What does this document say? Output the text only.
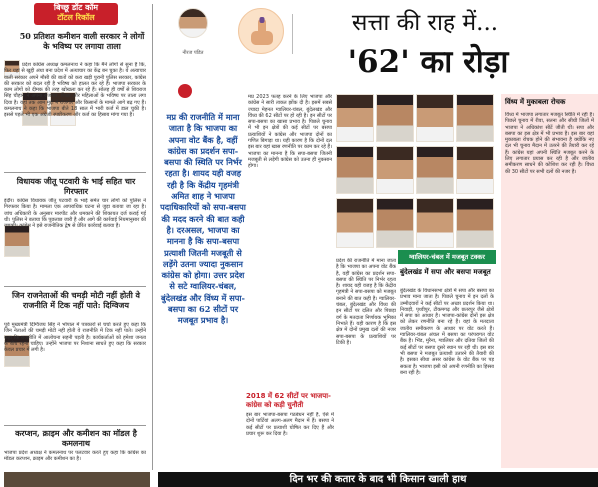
बिच्छू डॉट कॉम
टॉटल रिकॉल
50 प्रतिशत कमीशन वाली सरकार ने लोगों के भविष्य पर लगाया ताला
प्रदेश कांग्रेस अध्यक्ष कमलनाथ ने कहा कि मैंने लोगों से सुना है कि, फिर यहां से खुद्दी अंधा बना प्रदेश में अत्याचार का केंद्र बन चुका है। ये अत्याचार वाली सरकार अपने मौसी की बातों को करा खड़ी पुरानी पुलिस सरकार, कांग्रेस की सरकार को बदल रही है भविष्य को हालत कर रहे हैं। भाजपा सरकार के काम लोगों को दीमक की तरह खोखला कर रहे हैं। सोलह ही वर्षों से शिवराज सिंह चौहान ने अपना रोजगार, शिक्षा और महिलाओं के भविष्य पर ताला लगा दिया है। यहां तक आम मुद्दों में रोजगार और किसानों के मामले आगे बढ़ गए हैं। कमलनाथ ने कहा कि भाजपा बीते 18 साल में भारी कर्ज में डाल चुकी है। इससे पहले भी एक अंग्रेजी स्पष्टीकरण और कर्ज का हिसाब मांगा गया है।
विधायक जीतू पटवारी के भाई सहित चार गिरफ्तार
इंदौर। कांग्रेस विधायक जीतू पटवारी के भाई समेत चार लोगों को पुलिस ने गिरफ्तार किया है। मामला एक आपराधिक घटना से जुड़ा बताया जा रहा है। जांच अधिकारी के अनुसार मारपीट और धमकाने की शिकायत दर्ज कराई गई थी। पुलिस ने बताया कि पूछताछ जारी है और आगे की कार्रवाई नियमानुसार की जाएगी। कांग्रेस ने इसे राजनीतिक द्वेष से प्रेरित कार्रवाई बताया है।
जिन राजनेताओं की चमड़ी मोटी नहीं होती वे राजनीति में टिक नहीं पाते: दिग्विजय
पूर्व मुख्यमंत्री दिग्विजय सिंह ने भोपाल में पत्रकारों से चर्चा करते हुए कहा कि जिन नेताओं की चमड़ी मोटी नहीं होती वे राजनीति में टिक नहीं पाते। उन्होंने कहा कि राजनीति में आलोचना सहनी पड़ती है। कार्यकर्ताओं को हमेशा जनता के बीच रहना चाहिए। उन्होंने भाजपा पर निशाना साधते हुए कहा कि सरकार केवल प्रचार में लगी है।
करप्शन, क्राइम और कमीशन का मॉडल है कमलनाथ
भाजपा प्रदेश अध्यक्ष ने कमलनाथ पर पलटवार करते हुए कहा कि कांग्रेस का मॉडल करप्शन, क्राइम और कमीशन का है।
नीरज पंडित
सत्ता की राह में...
'62' का रोड़ा
मप्र की राजनीति में माना जाता है कि भाजपा का अपना वोट बैंक है, वहीं कांग्रेस का प्रदर्शन सपा-बसपा की स्थिति पर निर्भर रहता है। शायद यही वजह रही है कि केंद्रीय गृहमंत्री अमित शाह ने भाजपा पदाधिकारियों को सपा-बसपा की मदद करने की बात कही है। दरअसल, भाजपा का मानना है कि सपा-बसपा प्रत्याशी जितनी मजबूती से लड़ेंगे उतना ज्यादा नुकसान कांग्रेस को होगा। उत्तर प्रदेश से सटे ग्वालियर-चंबल, बुंदेलखंड और विंध्य में सपा-बसपा का 62 सीटों पर मजबूत प्रभाव है।
मप्र 2023 फतह करने के लिए भाजपा और कांग्रेस ने सारी ताकत झोंक दी है। इसमें सबसे ज्यादा मेहनत ग्वालियर-चंबल, बुंदेलखंड और विंध्य की 62 सीटों पर हो रही है। इन सीटों पर सपा-बसपा का खासा प्रभाव है। पिछले चुनाव में भी इन क्षेत्रों की कई सीटों पर बसपा प्रत्याशियों ने कांग्रेस और भाजपा दोनों का गणित बिगाड़ा था। यही कारण है कि दोनों दल इस बार यहां खास रणनीति पर काम कर रहे हैं। भाजपा का मानना है कि सपा-बसपा जितनी मजबूती से लड़ेगी कांग्रेस को उतना ही नुकसान होगा।
2018 में 62 सीटों पर भाजपा-कांग्रेस को कड़ी चुनौती
इस बार भाजपा-बसपा गठबंधन नहीं है, ऐसे में दोनों पार्टियां अलग-अलग मैदान में हैं। बसपा ने कई सीटों पर प्रत्याशी घोषित कर दिए हैं और प्रचार शुरू कर दिया है।
ग्वालियर-चंबल में मजबूत टक्कर
प्रदेश की राजनीति में माना जाता है कि भाजपा का अपना वोट बैंक है, वहीं कांग्रेस का प्रदर्शन सपा-बसपा की स्थिति पर निर्भर रहता है। शायद यही वजह है कि केंद्रीय गृहमंत्री ने सपा-बसपा को मजबूत बनाने की बात कही है। ग्वालियर-चंबल, बुंदेलखंड और विंध्य की इन सीटों पर दलित और पिछड़ा वर्ग के मतदाता निर्णायक भूमिका निभाते हैं। यही कारण है कि इस क्षेत्र में दोनों प्रमुख दलों की नजर सपा-बसपा के प्रत्याशियों पर टिकी है।
बुंदेलखंड में सपा और बसपा मजबूत
बुंदेलखंड के विधानसभा क्षेत्रों में सपा और बसपा का प्रभाव माना जाता है। पिछले चुनाव में इन दलों के उम्मीदवारों ने कई सीटों पर अच्छा प्रदर्शन किया था। निवाड़ी, पृथ्वीपुर, टीकमगढ़ और छतरपुर जैसे क्षेत्रों में सपा का आधार है। भाजपा-कांग्रेस दोनों इस क्षेत्र को लेकर रणनीति बना रहे हैं। यहां के मतदाता जातीय समीकरण के आधार पर वोट करते हैं। ग्वालियर-चंबल अंचल में बसपा का परंपरागत वोट बैंक है। भिंड, मुरैना, ग्वालियर और दतिया जिलों की कई सीटों पर बसपा दूसरे स्थान पर रही थी। इस बार भी बसपा ने मजबूत प्रत्याशी उतारने की तैयारी की है। इसका सीधा असर कांग्रेस के वोट बैंक पर पड़ सकता है। भाजपा इसी को अपनी रणनीति का हिस्सा बना रही है।
विंध्य में मुकाबला रोचक
विंध्य में भाजपा लगातार मजबूत स्थिति में रही है। पिछले चुनाव में रीवा, सतना और सीधी जिलों में भाजपा ने अधिकांश सीटें जीती थीं। सपा और बसपा का इस क्षेत्र में भी प्रभाव है। इस बार यहां मुकाबला रोचक होने की संभावना है क्योंकि नए दल भी चुनाव मैदान में उतरने की तैयारी कर रहे हैं। कांग्रेस यहां अपनी स्थिति मजबूत करने के लिए लगातार प्रयास कर रही है और जातीय समीकरण साधने की कोशिश कर रही है। विंध्य की 30 सीटों पर सभी दलों की नजर है।
दिन भर की कतार के बाद भी किसान खाली हाथ
